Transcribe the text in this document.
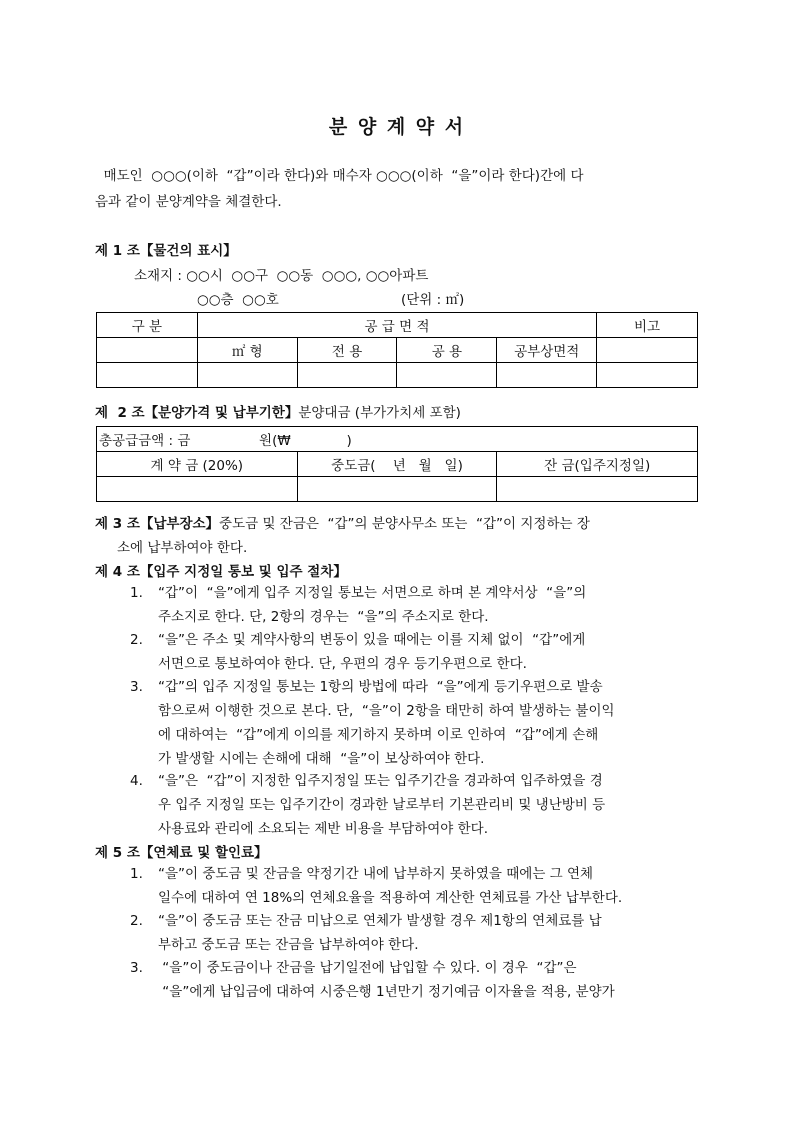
분 양 계 약 서
매도인  ○○○(이하  “갑”이라 한다)와 매수자 ○○○(이하  “을”이라 한다)간에 다
음과 같이 분양계약을 체결한다.
제 1 조【물건의 표시】
소재지 : ○○시  ○○구  ○○동  ○○○, ○○아파트
○○층  ○○호	(단위 : ㎡)
구 분	공 급 면 적				비고
	㎡ 형	전 용	공 용	공부상면적	

제  2 조【분양가격 및 납부기한】분양대금 (부가가치세 포함)
총공급금액 : 금                원(₩             )		
계 약 금 (20%)	중도금(    년   월   일)	잔 금(입주지정일)

제 3 조【납부장소】중도금 및 잔금은  “갑”의 분양사무소 또는  “갑”이 지정하는 장
소에 납부하여야 한다.
제 4 조【입주 지정일 통보 및 입주 절차】
1.	“갑”이  “을”에게 입주 지정일 통보는 서면으로 하며 본 계약서상  “을”의
주소지로 한다. 단, 2항의 경우는  “을”의 주소지로 한다.
2.	“을”은 주소 및 계약사항의 변동이 있을 때에는 이를 지체 없이  “갑”에게
서면으로 통보하여야 한다. 단, 우편의 경우 등기우편으로 한다.
3.	“갑”의 입주 지정일 통보는 1항의 방법에 따라  “을”에게 등기우편으로 발송
함으로써 이행한 것으로 본다. 단,  “을”이 2항을 태만히 하여 발생하는 불이익
에 대하여는  “갑”에게 이의를 제기하지 못하며 이로 인하여  “갑”에게 손해
가 발생할 시에는 손해에 대해  “을”이 보상하여야 한다.
4.	“을”은  “갑”이 지정한 입주지정일 또는 입주기간을 경과하여 입주하였을 경
우 입주 지정일 또는 입주기간이 경과한 날로부터 기본관리비 및 냉난방비 등
사용료와 관리에 소요되는 제반 비용을 부담하여야 한다.
제 5 조【연체료 및 할인료】
1.	“을”이 중도금 및 잔금을 약정기간 내에 납부하지 못하였을 때에는 그 연체
일수에 대하여 연 18%의 연체요율을 적용하여 계산한 연체료를 가산 납부한다.
2.	“을”이 중도금 또는 잔금 미납으로 연체가 발생할 경우 제1항의 연체료를 납
부하고 중도금 또는 잔금을 납부하여야 한다.
3.	“을”이 중도금이나 잔금을 납기일전에 납입할 수 있다. 이 경우  “갑”은
“을”에게 납입금에 대하여 시중은행 1년만기 정기예금 이자율을 적용, 분양가
